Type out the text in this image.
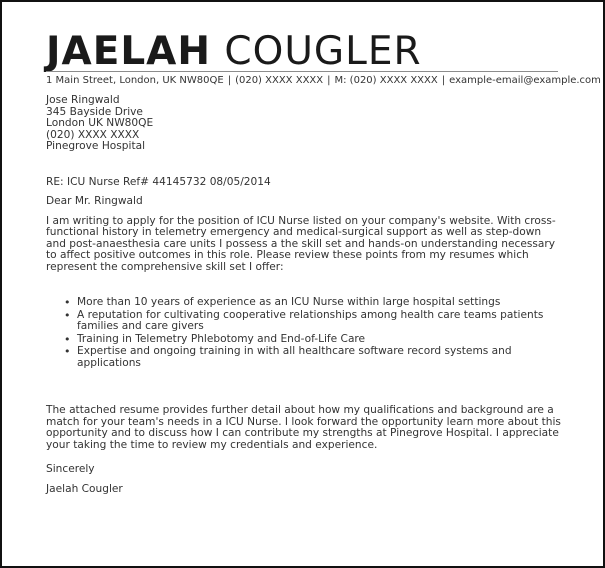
JAELAH COUGLER
1 Main Street, London, UK NW80QE | (020) XXXX XXXX | M: (020) XXXX XXXX | example-email@example.com
Jose Ringwald
345 Bayside Drive
London UK NW80QE
(020) XXXX XXXX
Pinegrove Hospital
RE: ICU Nurse Ref# 44145732 08/05/2014
Dear Mr. Ringwald
I am writing to apply for the position of ICU Nurse listed on your company's website. With cross-
functional history in telemetry emergency and medical-surgical support as well as step-down
and post-anaesthesia care units I possess a the skill set and hands-on understanding necessary
to affect positive outcomes in this role. Please review these points from my resumes which
represent the comprehensive skill set I offer:
• More than 10 years of experience as an ICU Nurse within large hospital settings
• A reputation for cultivating cooperative relationships among health care teams patients
families and care givers
• Training in Telemetry Phlebotomy and End-of-Life Care
• Expertise and ongoing training in with all healthcare software record systems and
applications
The attached resume provides further detail about how my qualifications and background are a
match for your team's needs in a ICU Nurse. I look forward the opportunity learn more about this
opportunity and to discuss how I can contribute my strengths at Pinegrove Hospital. I appreciate
your taking the time to review my credentials and experience.
Sincerely
Jaelah Cougler
